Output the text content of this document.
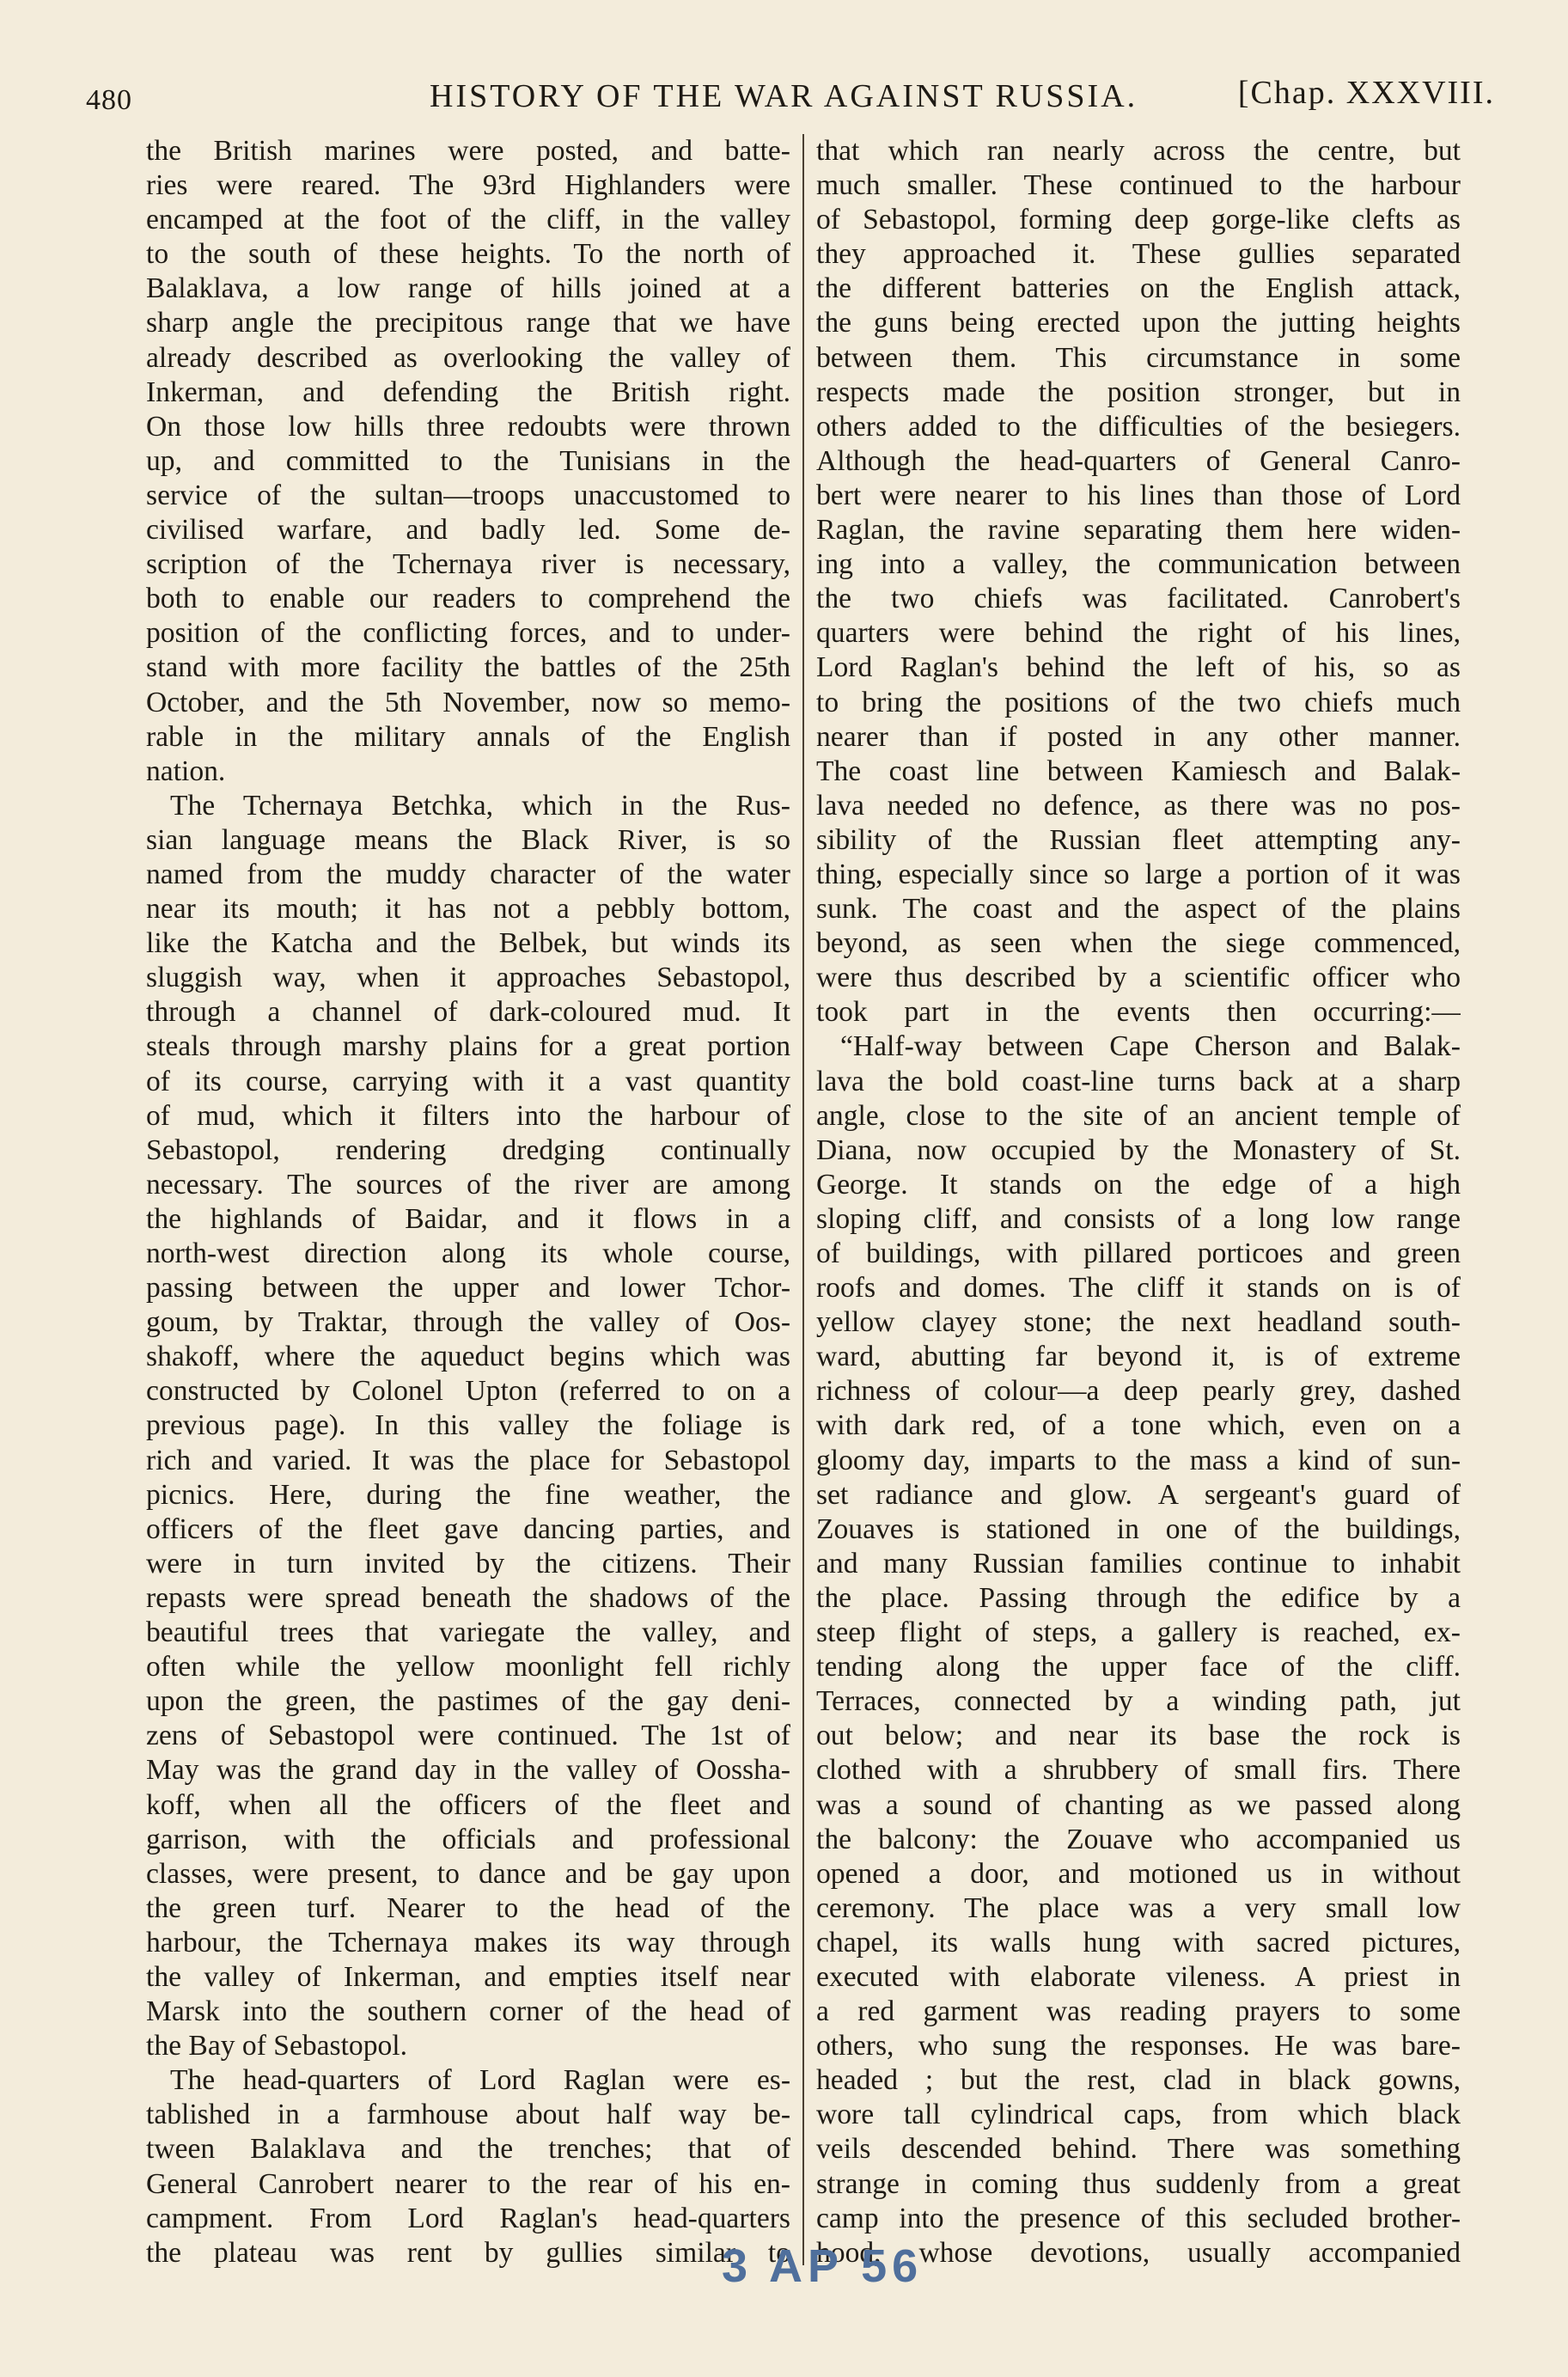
480	HISTORY OF THE WAR AGAINST RUSSIA.	[Chap. XXXVIII.

the British marines were posted, and batte-

ries were reared. The 93rd Highlanders were

encamped at the foot of the cliff, in the valley

to the south of these heights. To the north of

Balaklava, a low range of hills joined at a

sharp angle the precipitous range that we have

already described as overlooking the valley of

Inkerman, and defending the British right.

On those low hills three redoubts were thrown

up, and committed to the Tunisians in the

service of the sultan—troops unaccustomed to

civilised warfare, and badly led. Some de-

scription of the Tchernaya river is necessary,

both to enable our readers to comprehend the

position of the conflicting forces, and to under-

stand with more facility the battles of the 25th

October, and the 5th November, now so memo-

rable in the military annals of the English

nation.

The Tchernaya Betchka, which in the Rus-

sian language means the Black River, is so

named from the muddy character of the water

near its mouth; it has not a pebbly bottom,

like the Katcha and the Belbek, but winds its

sluggish way, when it approaches Sebastopol,

through a channel of dark-coloured mud. It

steals through marshy plains for a great portion

of its course, carrying with it a vast quantity

of mud, which it filters into the harbour of

Sebastopol, rendering dredging continually

necessary. The sources of the river are among

the highlands of Baidar, and it flows in a

north-west direction along its whole course,

passing between the upper and lower Tchor-

goum, by Traktar, through the valley of Oos-

shakoff, where the aqueduct begins which was

constructed by Colonel Upton (referred to on a

previous page). In this valley the foliage is

rich and varied. It was the place for Sebastopol

picnics. Here, during the fine weather, the

officers of the fleet gave dancing parties, and

were in turn invited by the citizens. Their

repasts were spread beneath the shadows of the

beautiful trees that variegate the valley, and

often while the yellow moonlight fell richly

upon the green, the pastimes of the gay deni-

zens of Sebastopol were continued. The 1st of

May was the grand day in the valley of Oossha-

koff, when all the officers of the fleet and

garrison, with the officials and professional

classes, were present, to dance and be gay upon

the green turf. Nearer to the head of the

harbour, the Tchernaya makes its way through

the valley of Inkerman, and empties itself near

Marsk into the southern corner of the head of

the Bay of Sebastopol.

The head-quarters of Lord Raglan were es-

tablished in a farmhouse about half way be-

tween Balaklava and the trenches; that of

General Canrobert nearer to the rear of his en-

campment. From Lord Raglan's head-quarters

the plateau was rent by gullies similar to

that which ran nearly across the centre, but

much smaller. These continued to the harbour

of Sebastopol, forming deep gorge-like clefts as

they approached it. These gullies separated

the different batteries on the English attack,

the guns being erected upon the jutting heights

between them. This circumstance in some

respects made the position stronger, but in

others added to the difficulties of the besiegers.

Although the head-quarters of General Canro-

bert were nearer to his lines than those of Lord

Raglan, the ravine separating them here widen-

ing into a valley, the communication between

the two chiefs was facilitated. Canrobert's

quarters were behind the right of his lines,

Lord Raglan's behind the left of his, so as

to bring the positions of the two chiefs much

nearer than if posted in any other manner.

The coast line between Kamiesch and Balak-

lava needed no defence, as there was no pos-

sibility of the Russian fleet attempting any-

thing, especially since so large a portion of it was

sunk. The coast and the aspect of the plains

beyond, as seen when the siege commenced,

were thus described by a scientific officer who

took part in the events then occurring:—

“Half-way between Cape Cherson and Balak-

lava the bold coast-line turns back at a sharp

angle, close to the site of an ancient temple of

Diana, now occupied by the Monastery of St.

George. It stands on the edge of a high

sloping cliff, and consists of a long low range

of buildings, with pillared porticoes and green

roofs and domes. The cliff it stands on is of

yellow clayey stone; the next headland south-

ward, abutting far beyond it, is of extreme

richness of colour—a deep pearly grey, dashed

with dark red, of a tone which, even on a

gloomy day, imparts to the mass a kind of sun-

set radiance and glow. A sergeant's guard of

Zouaves is stationed in one of the buildings,

and many Russian families continue to inhabit

the place. Passing through the edifice by a

steep flight of steps, a gallery is reached, ex-

tending along the upper face of the cliff.

Terraces, connected by a winding path, jut

out below; and near its base the rock is

clothed with a shrubbery of small firs. There

was a sound of chanting as we passed along

the balcony: the Zouave who accompanied us

opened a door, and motioned us in without

ceremony. The place was a very small low

chapel, its walls hung with sacred pictures,

executed with elaborate vileness. A priest in

a red garment was reading prayers to some

others, who sung the responses. He was bare-

headed ; but the rest, clad in black gowns,

wore tall cylindrical caps, from which black

veils descended behind. There was something

strange in coming thus suddenly from a great

camp into the presence of this secluded brother-

hood, whose devotions, usually accompanied

3 AP 56
